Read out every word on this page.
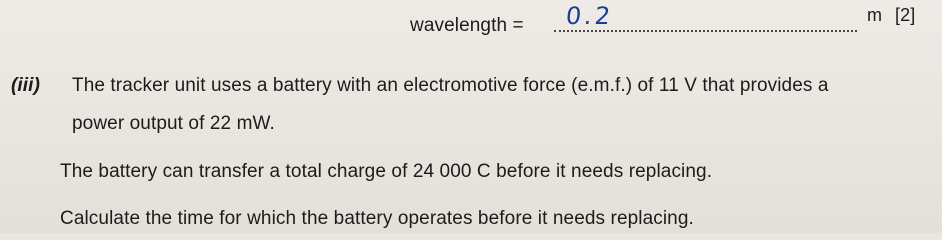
wavelength = 0.2	m [2]
(iii) The tracker unit uses a battery with an electromotive force (e.m.f.) of 11 V that provides a
power output of 22 mW.
The battery can transfer a total charge of 24 000 C before it needs replacing.
Calculate the time for which the battery operates before it needs replacing.
